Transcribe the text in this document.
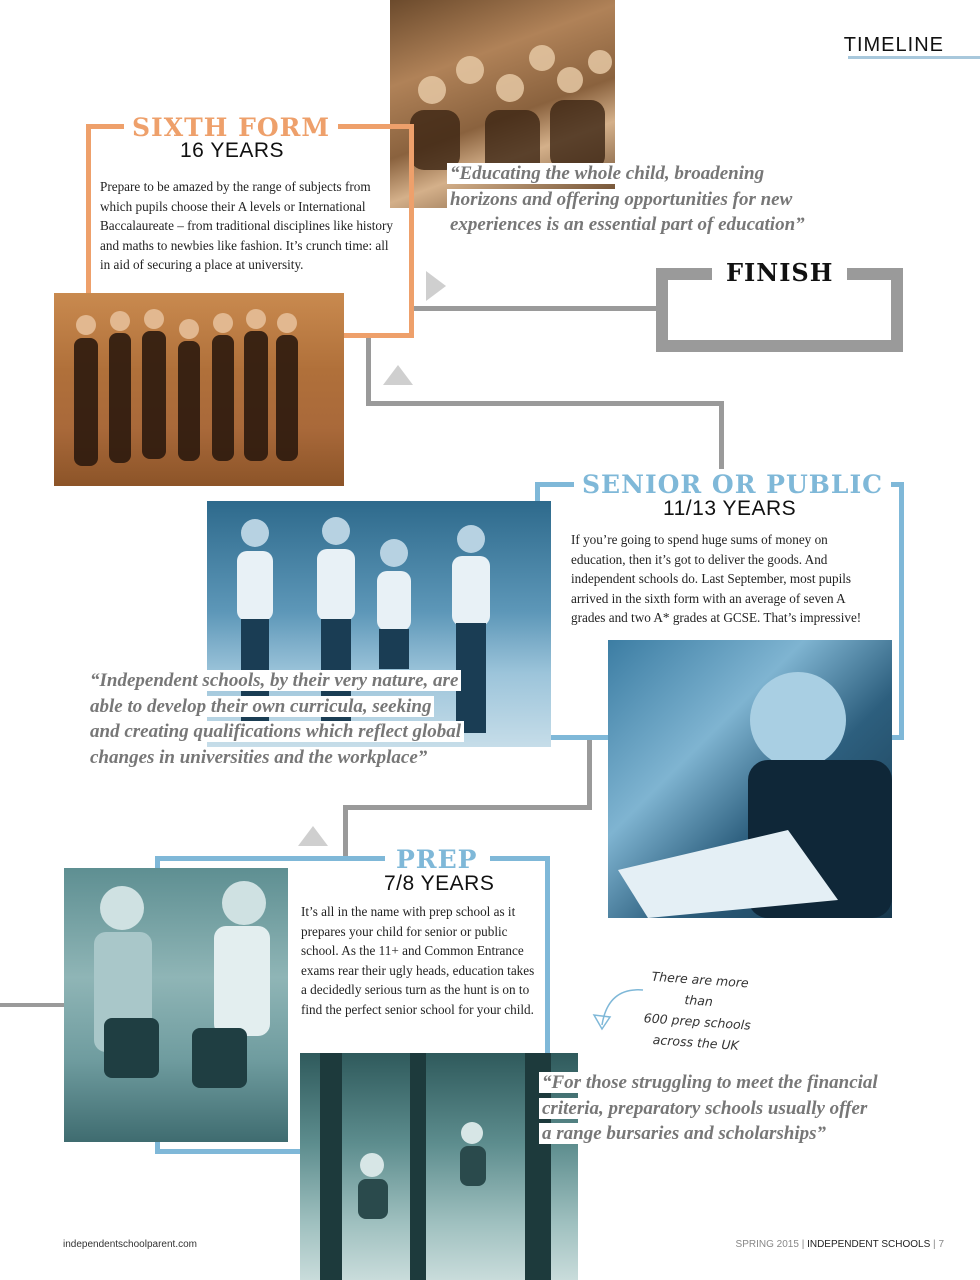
TIMELINE
SIXTH FORM
16 YEARS
Prepare to be amazed by the range of subjects from which pupils choose their A levels or International Baccalaureate – from traditional disciplines like history and maths to newbies like fashion. It’s crunch time: all in aid of securing a place at university.
“Educating the whole child, broadening
horizons and offering opportunities for new
experiences is an essential part of education”
FINISH
SENIOR OR PUBLIC
11/13 YEARS
If you’re going to spend huge sums of money on education, then it’s got to deliver the goods. And independent schools do. Last September, most pupils arrived in the sixth form with an average of seven A grades and two A* grades at GCSE. That’s impressive!
“Independent schools, by their very nature, are
able to develop their own curricula, seeking
and creating qualifications which reflect global
changes in universities and the workplace”
PREP
7/8 YEARS
It’s all in the name with prep school as it prepares your child for senior or public school. As the 11+ and Common Entrance exams rear their ugly heads, education takes a decidedly serious turn as the hunt is on to find the perfect senior school for your child.
There are more than
600 prep schools
across the UK
“For those struggling to meet the financial
criteria, preparatory schools usually offer
a range bursaries and scholarships”
independentschoolparent.com	SPRING 2015 | INDEPENDENT SCHOOLS | 7
